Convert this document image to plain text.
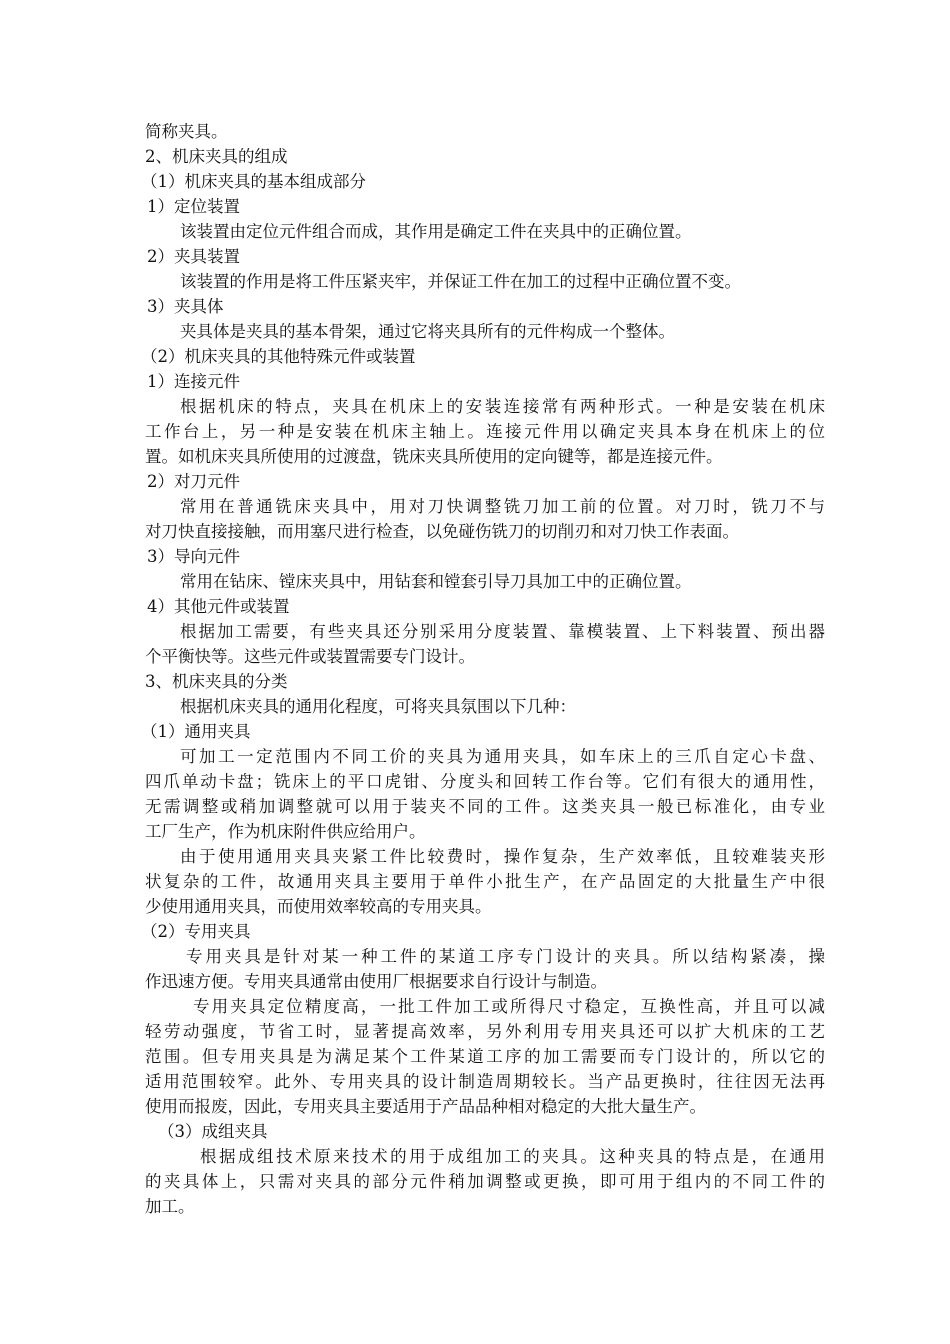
简称夹具。

2、机床夹具的组成

（1）机床夹具的基本组成部分

1）定位装置

该装置由定位元件组合而成，其作用是确定工件在夹具中的正确位置。

2）夹具装置

该装置的作用是将工件压紧夹牢，并保证工件在加工的过程中正确位置不变。

3）夹具体

夹具体是夹具的基本骨架，通过它将夹具所有的元件构成一个整体。

（2）机床夹具的其他特殊元件或装置

1）连接元件

根据机床的特点，夹具在机床上的安装连接常有两种形式。一种是安装在机床

工作台上，另一种是安装在机床主轴上。连接元件用以确定夹具本身在机床上的位

置。如机床夹具所使用的过渡盘，铣床夹具所使用的定向键等，都是连接元件。

2）对刀元件

常用在普通铣床夹具中，用对刀快调整铣刀加工前的位置。对刀时，铣刀不与

对刀快直接接触，而用塞尺进行检查，以免碰伤铣刀的切削刃和对刀快工作表面。

3）导向元件

常用在钻床、镗床夹具中，用钻套和镗套引导刀具加工中的正确位置。

4）其他元件或装置

根据加工需要，有些夹具还分别采用分度装置、靠模装置、上下料装置、预出器

个平衡快等。这些元件或装置需要专门设计。

3、机床夹具的分类

根据机床夹具的通用化程度，可将夹具氛围以下几种：

（1）通用夹具

可加工一定范围内不同工价的夹具为通用夹具，如车床上的三爪自定心卡盘、

四爪单动卡盘；铣床上的平口虎钳、分度头和回转工作台等。它们有很大的通用性，

无需调整或稍加调整就可以用于装夹不同的工件。这类夹具一般已标准化，由专业

工厂生产，作为机床附件供应给用户。

由于使用通用夹具夹紧工件比较费时，操作复杂，生产效率低，且较难装夹形

状复杂的工件，故通用夹具主要用于单件小批生产，在产品固定的大批量生产中很

少使用通用夹具，而使用效率较高的专用夹具。

（2）专用夹具

专用夹具是针对某一种工件的某道工序专门设计的夹具。所以结构紧凑，操

作迅速方便。专用夹具通常由使用厂根据要求自行设计与制造。

专用夹具定位精度高，一批工件加工或所得尺寸稳定，互换性高，并且可以减

轻劳动强度，节省工时，显著提高效率，另外利用专用夹具还可以扩大机床的工艺

范围。但专用夹具是为满足某个工件某道工序的加工需要而专门设计的，所以它的

适用范围较窄。此外、专用夹具的设计制造周期较长。当产品更换时，往往因无法再

使用而报废，因此，专用夹具主要适用于产品品种相对稳定的大批大量生产。

（3）成组夹具

根据成组技术原来技术的用于成组加工的夹具。这种夹具的特点是，在通用

的夹具体上，只需对夹具的部分元件稍加调整或更换，即可用于组内的不同工件的

加工。
